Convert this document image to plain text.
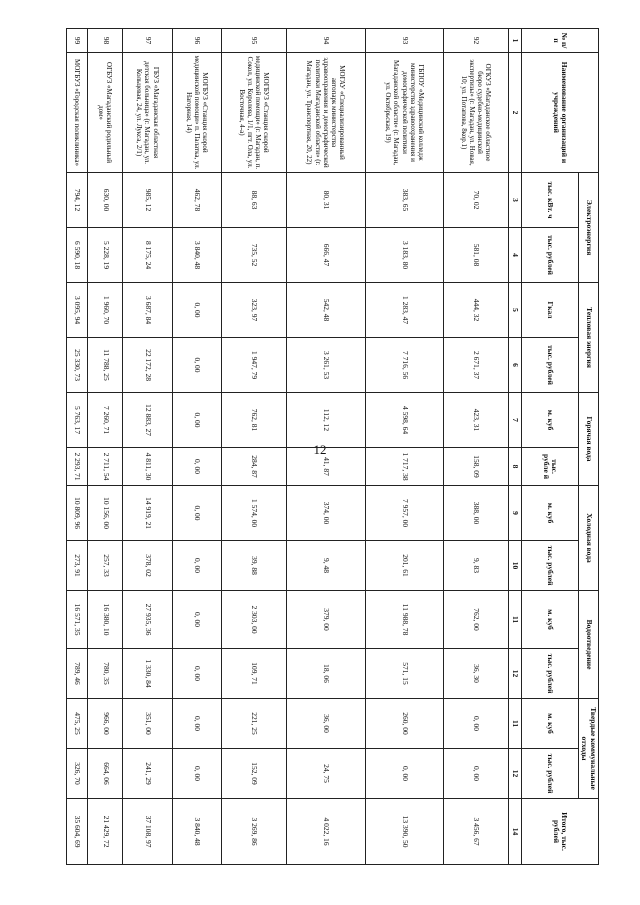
12
№ п/п	Наименование организаций и учреждений	Электроэнергия		Тепловая энергия		Горячая вода		Холодная вода		Водоотведение		Твердые коммунальные отходы		Итого, тыс. рублей
		тыс. кВт. ч	тыс. рублей	Гкал	тыс. рублей	м. куб	тыс. рубле й	м. куб	тыс. рублей	м. куб	тыс. рублей	м. куб	тыс. рублей	
1	2	3	4	5	6	7	8	9	10	11	12	11	12	14
92	ОГКУЗ «Магаданское областное бюро судебно-медицинской экспертизы» (г. Магадан, ул. Новая, 10; ул. Потапова, 8кор.1)	70, 02	581, 08	444, 32	2 671, 37	423, 31	158, 09	388, 00	9, 83	762, 00	36, 30	0, 00	0, 00	3 456, 67
93	ГБПОУ «Медицинский колледж министерства здравоохранения и демографической политики Магаданской области» (г. Магадан, ул. Октябрьская, 19)	383, 65	3 183, 80	1 283, 47	7 716, 56	4 598, 64	1 717, 38	7 957, 00	201, 61	11 988, 78	571, 15	260, 00	0, 00	13 390, 50
94	МОГАУ «Специализированный автопарк министерства здравоохранения и демографической политики Магаданской области» (г. Магадан, ул. Транспортная, 20, 22)	80, 31	666, 47	542, 48	3 261, 53	112, 12	41, 87	374, 00	9, 48	379, 00	18, 06	36, 00	24, 75	4 022, 16
95	МОГБУЗ «Станция скорой медицинской помощи» (г. Магадан, п. Сокол, ул. Королева, 1/1, пгт. Ола, ул. Восточная, 4-а)	88, 63	735, 52	323, 97	1 947, 79	762, 81	284, 87	1 574, 00	39, 88	2 303, 00	109, 71	221, 25	152, 09	3 269, 86
96	МОГБУЗ «Станция скорой медицинской помощи» п. Палатка, ул. Нагорная, 14)	462, 78	3 840, 48	0, 00	0, 00	0, 00	0, 00	0, 00	0, 00	0, 00	0, 00	0, 00	0, 00	3 840, 48
97	ГБУЗ «Магаданская областная детская больница» (г. Магадан, ул. Кольцевая, 24, ул. Лукса, 2/1)	985, 12	8 175, 24	3 687, 84	22 172, 28	12 883, 27	4 811, 30	14 919, 21	378, 02	27 935, 36	1 330, 84	351, 00	241, 29	37 108, 97
98	ОГБУЗ «Магаданский родильный дом»	630, 00	5 228, 19	1 960, 70	11 788, 25	7 260, 71	2 711, 54	10 156, 00	257, 33	16 380, 10	780, 35	966, 00	664, 06	21 429, 72
99	МОГБУЗ «Городская поликлиника»	794, 12	6 590, 18	3 095, 94	25 330, 73	5 763, 17	2 293, 71	10 809, 96	273, 91	16 571, 35	789, 46	475, 25	326, 70	35 604, 69
